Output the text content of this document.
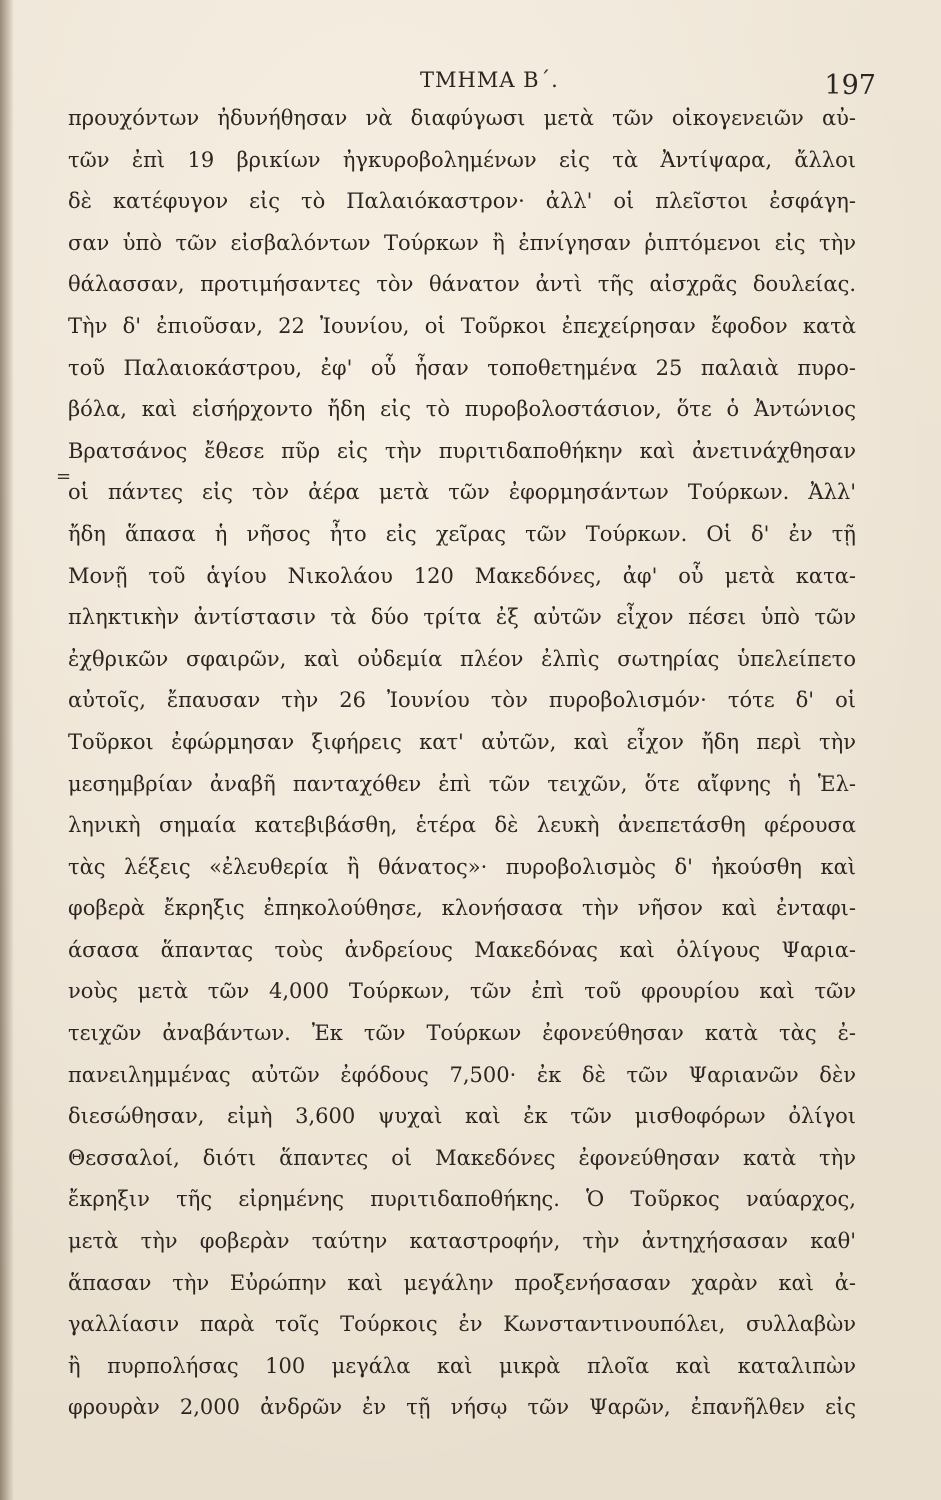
ΤΜΗΜΑ Β΄.	197
=
προυχόντων ἠδυνήθησαν νὰ διαφύγωσι μετὰ τῶν οἰκογενειῶν αὐ-
τῶν ἐπὶ 19 βρικίων ἠγκυροβολημένων εἰς τὰ Ἀντίψαρα, ἄλλοι
δὲ κατέφυγον εἰς τὸ Παλαιόκαστρον· ἀλλ' οἱ πλεῖστοι ἐσφάγη-
σαν ὑπὸ τῶν εἰσβαλόντων Τούρκων ἢ ἐπνίγησαν ῥιπτόμενοι εἰς τὴν
θάλασσαν, προτιμήσαντες τὸν θάνατον ἀντὶ τῆς αἰσχρᾶς δουλείας.
Τὴν δ' ἐπιοῦσαν, 22 Ἰουνίου, οἱ Τοῦρκοι ἐπεχείρησαν ἔφοδον κατὰ
τοῦ Παλαιοκάστρου, ἐφ' οὗ ἦσαν τοποθετημένα 25 παλαιὰ πυρο-
βόλα, καὶ εἰσήρχοντο ἤδη εἰς τὸ πυροβολοστάσιον, ὅτε ὁ Ἀντώνιος
Βρατσάνος ἔθεσε πῦρ εἰς τὴν πυριτιδαποθήκην καὶ ἀνετινάχθησαν
οἱ πάντες εἰς τὸν ἀέρα μετὰ τῶν ἐφορμησάντων Τούρκων. Ἀλλ'
ἤδη ἅπασα ἡ νῆσος ἦτο εἰς χεῖρας τῶν Τούρκων. Οἱ δ' ἐν τῇ
Μονῇ τοῦ ἁγίου Νικολάου 120 Μακεδόνες, ἀφ' οὗ μετὰ κατα-
πληκτικὴν ἀντίστασιν τὰ δύο τρίτα ἐξ αὐτῶν εἶχον πέσει ὑπὸ τῶν
ἐχθρικῶν σφαιρῶν, καὶ οὐδεμία πλέον ἐλπὶς σωτηρίας ὑπελείπετο
αὐτοῖς, ἔπαυσαν τὴν 26 Ἰουνίου τὸν πυροβολισμόν· τότε δ' οἱ
Τοῦρκοι ἐφώρμησαν ξιφήρεις κατ' αὐτῶν, καὶ εἶχον ἤδη περὶ τὴν
μεσημβρίαν ἀναβῆ πανταχόθεν ἐπὶ τῶν τειχῶν, ὅτε αἴφνης ἡ Ἑλ-
ληνικὴ σημαία κατεβιβάσθη, ἑτέρα δὲ λευκὴ ἀνεπετάσθη φέρουσα
τὰς λέξεις «ἐλευθερία ἢ θάνατος»· πυροβολισμὸς δ' ἠκούσθη καὶ
φοβερὰ ἔκρηξις ἐπηκολούθησε, κλονήσασα τὴν νῆσον καὶ ἐνταφι-
άσασα ἅπαντας τοὺς ἀνδρείους Μακεδόνας καὶ ὀλίγους Ψαρια-
νοὺς μετὰ τῶν 4,000 Τούρκων, τῶν ἐπὶ τοῦ φρουρίου καὶ τῶν
τειχῶν ἀναβάντων. Ἐκ τῶν Τούρκων ἐφονεύθησαν κατὰ τὰς ἐ-
πανειλημμένας αὐτῶν ἐφόδους 7,500· ἐκ δὲ τῶν Ψαριανῶν δὲν
διεσώθησαν, εἰμὴ 3,600 ψυχαὶ καὶ ἐκ τῶν μισθοφόρων ὀλίγοι
Θεσσαλοί, διότι ἅπαντες οἱ Μακεδόνες ἐφονεύθησαν κατὰ τὴν
ἔκρηξιν τῆς εἰρημένης πυριτιδαποθήκης. Ὁ Τοῦρκος ναύαρχος,
μετὰ τὴν φοβερὰν ταύτην καταστροφήν, τὴν ἀντηχήσασαν καθ'
ἅπασαν τὴν Εὐρώπην καὶ μεγάλην προξενήσασαν χαρὰν καὶ ἀ-
γαλλίασιν παρὰ τοῖς Τούρκοις ἐν Κωνσταντινουπόλει, συλλαβὼν
ἢ πυρπολήσας 100 μεγάλα καὶ μικρὰ πλοῖα καὶ καταλιπὼν
φρουρὰν 2,000 ἀνδρῶν ἐν τῇ νήσῳ τῶν Ψαρῶν, ἐπανῆλθεν εἰς
